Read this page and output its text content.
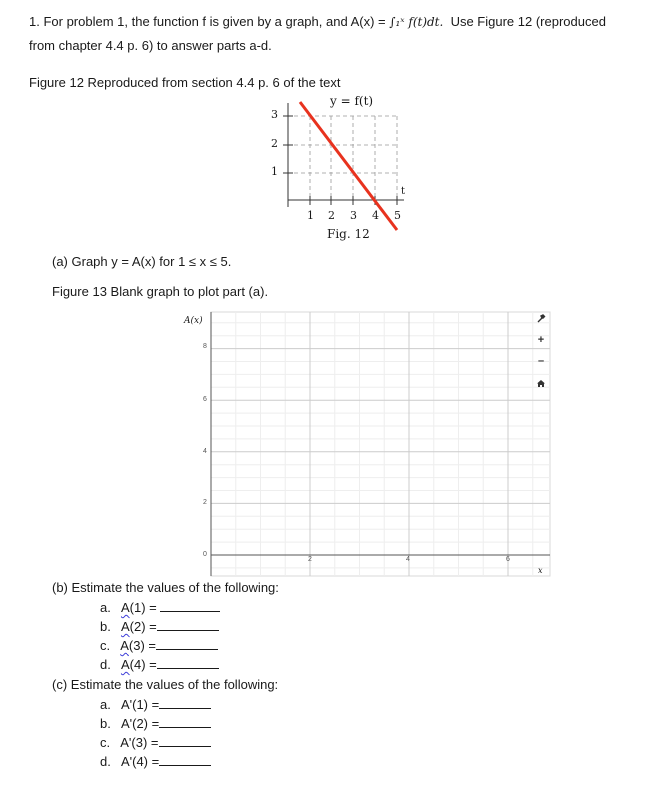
1. For problem 1, the function f is given by a graph, and A(x) = ∫₁ˣ f(t)dt. Use Figure 12 (reproduced
from chapter 4.4 p. 6) to answer parts a-d.
Figure 12 Reproduced from section 4.4 p. 6 of the text
y = f(t)
3
2
1
1 2 3 4 5
t
Fig. 12
(a) Graph y = A(x) for 1 ≤ x ≤ 5.
Figure 13 Blank graph to plot part (a).
A(x)
8
6
4
2
0
2	4	6
x
+
–
(b) Estimate the values of the following:
a. A(1) =
b. A(2) =
c. A(3) =
d. A(4) =
(c) Estimate the values of the following:
a. A'(1) =
b. A'(2) =
c. A'(3) =
d. A'(4) =
